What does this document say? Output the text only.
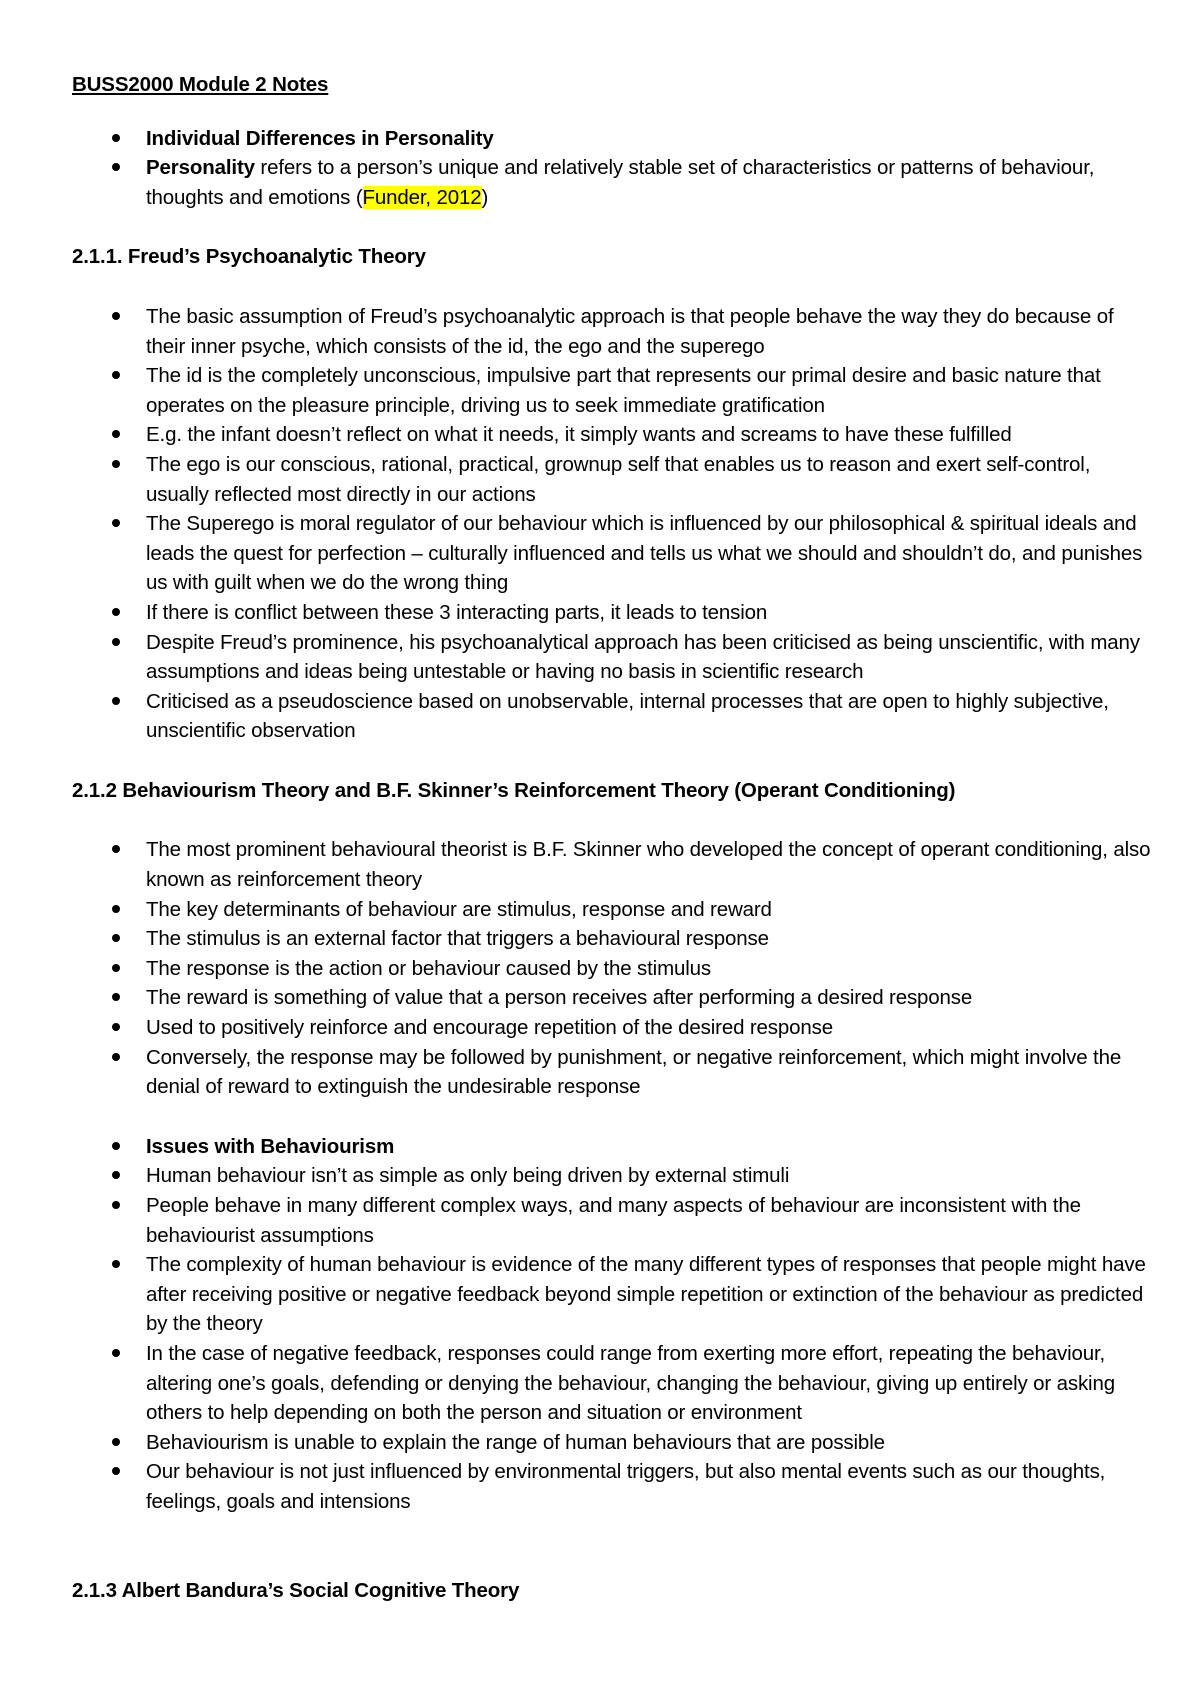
BUSS2000 Module 2 Notes
Individual Differences in Personality
Personality refers to a person’s unique and relatively stable set of characteristics or patterns of behaviour, thoughts and emotions (Funder, 2012)
2.1.1. Freud’s Psychoanalytic Theory
The basic assumption of Freud’s psychoanalytic approach is that people behave the way they do because of their inner psyche, which consists of the id, the ego and the superego
The id is the completely unconscious, impulsive part that represents our primal desire and basic nature that operates on the pleasure principle, driving us to seek immediate gratification
E.g. the infant doesn’t reflect on what it needs, it simply wants and screams to have these fulfilled
The ego is our conscious, rational, practical, grownup self that enables us to reason and exert self-control, usually reflected most directly in our actions
The Superego is moral regulator of our behaviour which is influenced by our philosophical & spiritual ideals and leads the quest for perfection – culturally influenced and tells us what we should and shouldn’t do, and punishes us with guilt when we do the wrong thing
If there is conflict between these 3 interacting parts, it leads to tension
Despite Freud’s prominence, his psychoanalytical approach has been criticised as being unscientific, with many assumptions and ideas being untestable or having no basis in scientific research
Criticised as a pseudoscience based on unobservable, internal processes that are open to highly subjective, unscientific observation
2.1.2 Behaviourism Theory and B.F. Skinner’s Reinforcement Theory (Operant Conditioning)
The most prominent behavioural theorist is B.F. Skinner who developed the concept of operant conditioning, also known as reinforcement theory
The key determinants of behaviour are stimulus, response and reward
The stimulus is an external factor that triggers a behavioural response
The response is the action or behaviour caused by the stimulus
The reward is something of value that a person receives after performing a desired response
Used to positively reinforce and encourage repetition of the desired response
Conversely, the response may be followed by punishment, or negative reinforcement, which might involve the denial of reward to extinguish the undesirable response
Issues with Behaviourism
Human behaviour isn’t as simple as only being driven by external stimuli
People behave in many different complex ways, and many aspects of behaviour are inconsistent with the behaviourist assumptions
The complexity of human behaviour is evidence of the many different types of responses that people might have after receiving positive or negative feedback beyond simple repetition or extinction of the behaviour as predicted by the theory
In the case of negative feedback, responses could range from exerting more effort, repeating the behaviour, altering one’s goals, defending or denying the behaviour, changing the behaviour, giving up entirely or asking others to help depending on both the person and situation or environment
Behaviourism is unable to explain the range of human behaviours that are possible
Our behaviour is not just influenced by environmental triggers, but also mental events such as our thoughts, feelings, goals and intensions
2.1.3 Albert Bandura’s Social Cognitive Theory
